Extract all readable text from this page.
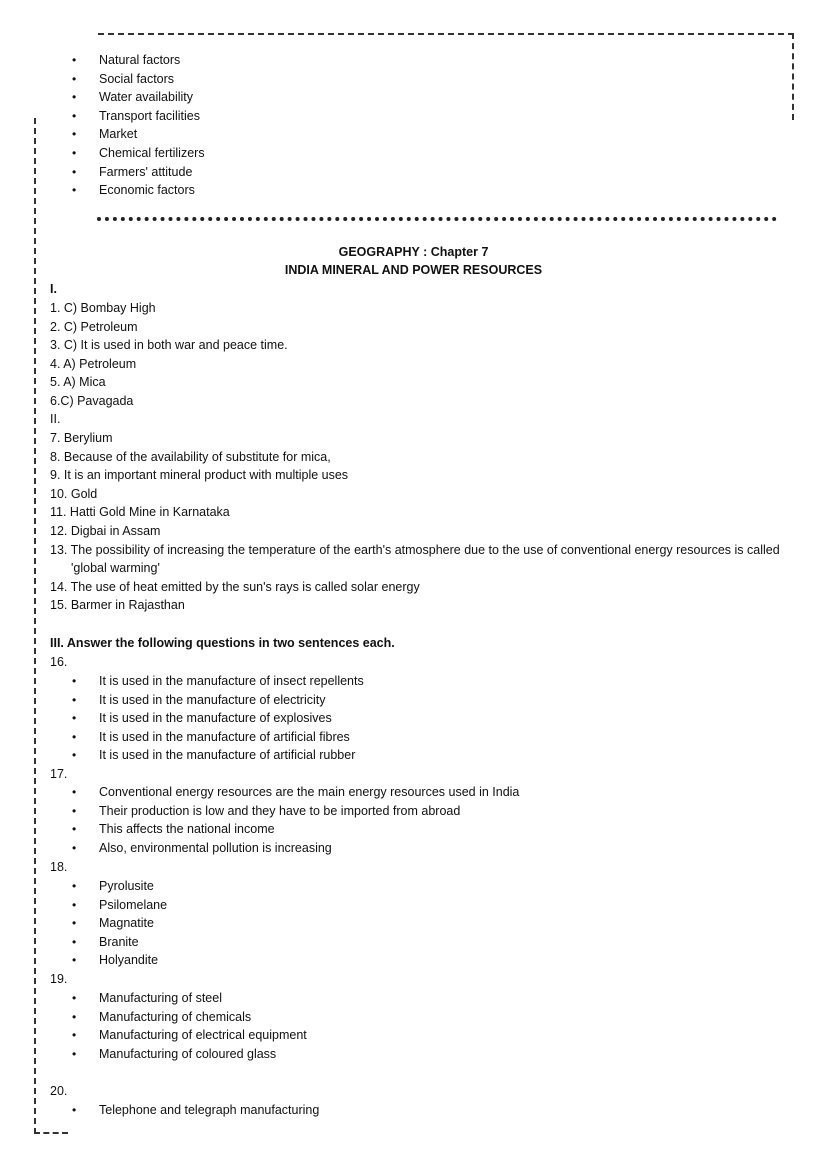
• Natural factors
• Social factors
• Water availability
• Transport facilities
• Market
• Chemical fertilizers
• Farmers' attitude
• Economic factors
GEOGRAPHY : Chapter 7
INDIA MINERAL AND POWER RESOURCES
I.
1. C) Bombay High
2. C) Petroleum
3. C) It is used in both war and peace time.
4. A) Petroleum
5. A) Mica
6.C) Pavagada
II.
7. Berylium
8. Because of the availability of substitute for mica,
9. It is an important mineral product with multiple uses
10. Gold
11. Hatti Gold Mine in Karnataka
12. Digbai in Assam
13. The possibility of increasing the temperature of the earth's atmosphere due to the use of conventional energy resources is called 'global warming'
14. The use of heat emitted by the sun's rays is called solar energy
15. Barmer in Rajasthan
III. Answer the following questions in two sentences each.
16.
• It is used in the manufacture of insect repellents
• It is used in the manufacture of electricity
• It is used in the manufacture of explosives
• It is used in the manufacture of artificial fibres
• It is used in the manufacture of artificial rubber
17.
• Conventional energy resources are the main energy resources used in India
• Their production is low and they have to be imported from abroad
• This affects the national income
• Also, environmental pollution is increasing
18.
• Pyrolusite
• Psilomelane
• Magnatite
• Branite
• Holyandite
19.
• Manufacturing of steel
• Manufacturing of chemicals
• Manufacturing of electrical equipment
• Manufacturing of coloured glass
20.
• Telephone and telegraph manufacturing
